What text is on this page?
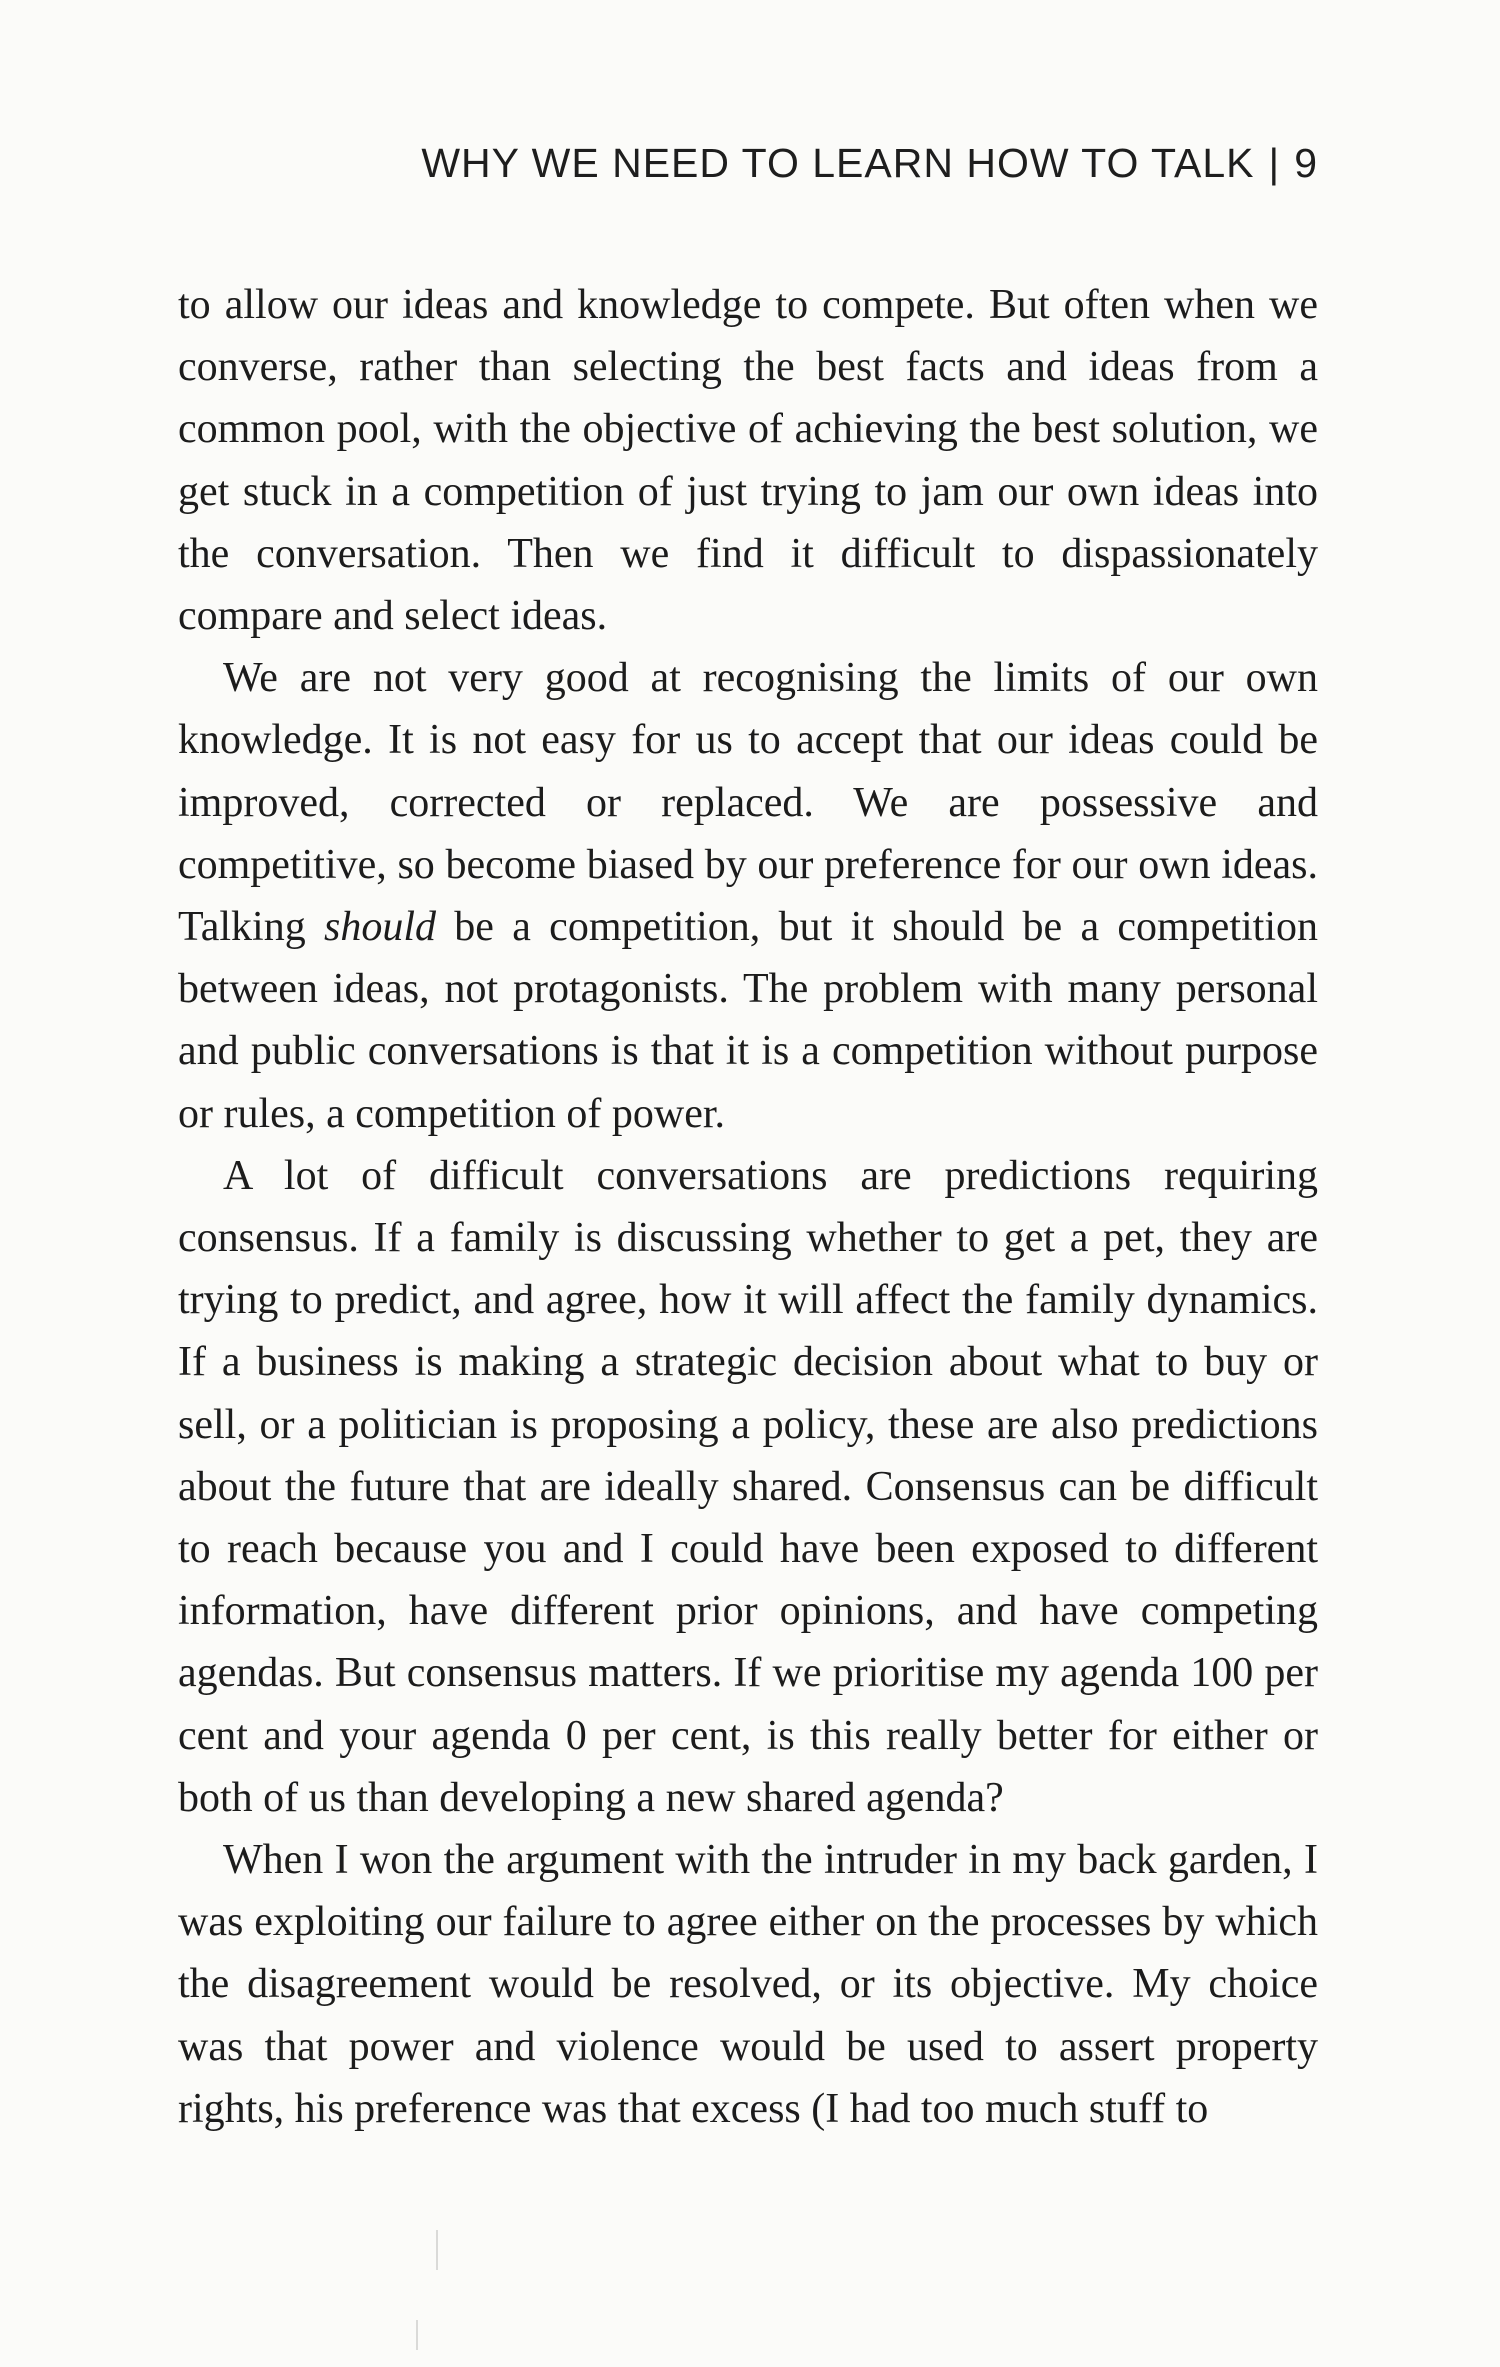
WHY WE NEED TO LEARN HOW TO TALK | 9

to allow our ideas and knowledge to compete. But often when we converse, rather than selecting the best facts and ideas from a common pool, with the objective of achieving the best solution, we get stuck in a competition of just trying to jam our own ideas into the conversation. Then we find it difficult to dispassionately compare and select ideas.

We are not very good at recognising the limits of our own knowledge. It is not easy for us to accept that our ideas could be improved, corrected or replaced. We are possessive and competitive, so become biased by our preference for our own ideas. Talking should be a competition, but it should be a competition between ideas, not protagonists. The problem with many personal and public conversations is that it is a competition without purpose or rules, a competition of power.

A lot of difficult conversations are predictions requiring consensus. If a family is discussing whether to get a pet, they are trying to predict, and agree, how it will affect the family dynamics. If a business is making a strategic decision about what to buy or sell, or a politician is proposing a policy, these are also predictions about the future that are ideally shared. Consensus can be difficult to reach because you and I could have been exposed to different information, have different prior opinions, and have competing agendas. But consensus matters. If we prioritise my agenda 100 per cent and your agenda 0 per cent, is this really better for either or both of us than developing a new shared agenda?

When I won the argument with the intruder in my back garden, I was exploiting our failure to agree either on the processes by which the disagreement would be resolved, or its objective. My choice was that power and violence would be used to assert property rights, his preference was that excess (I had too much stuff to
